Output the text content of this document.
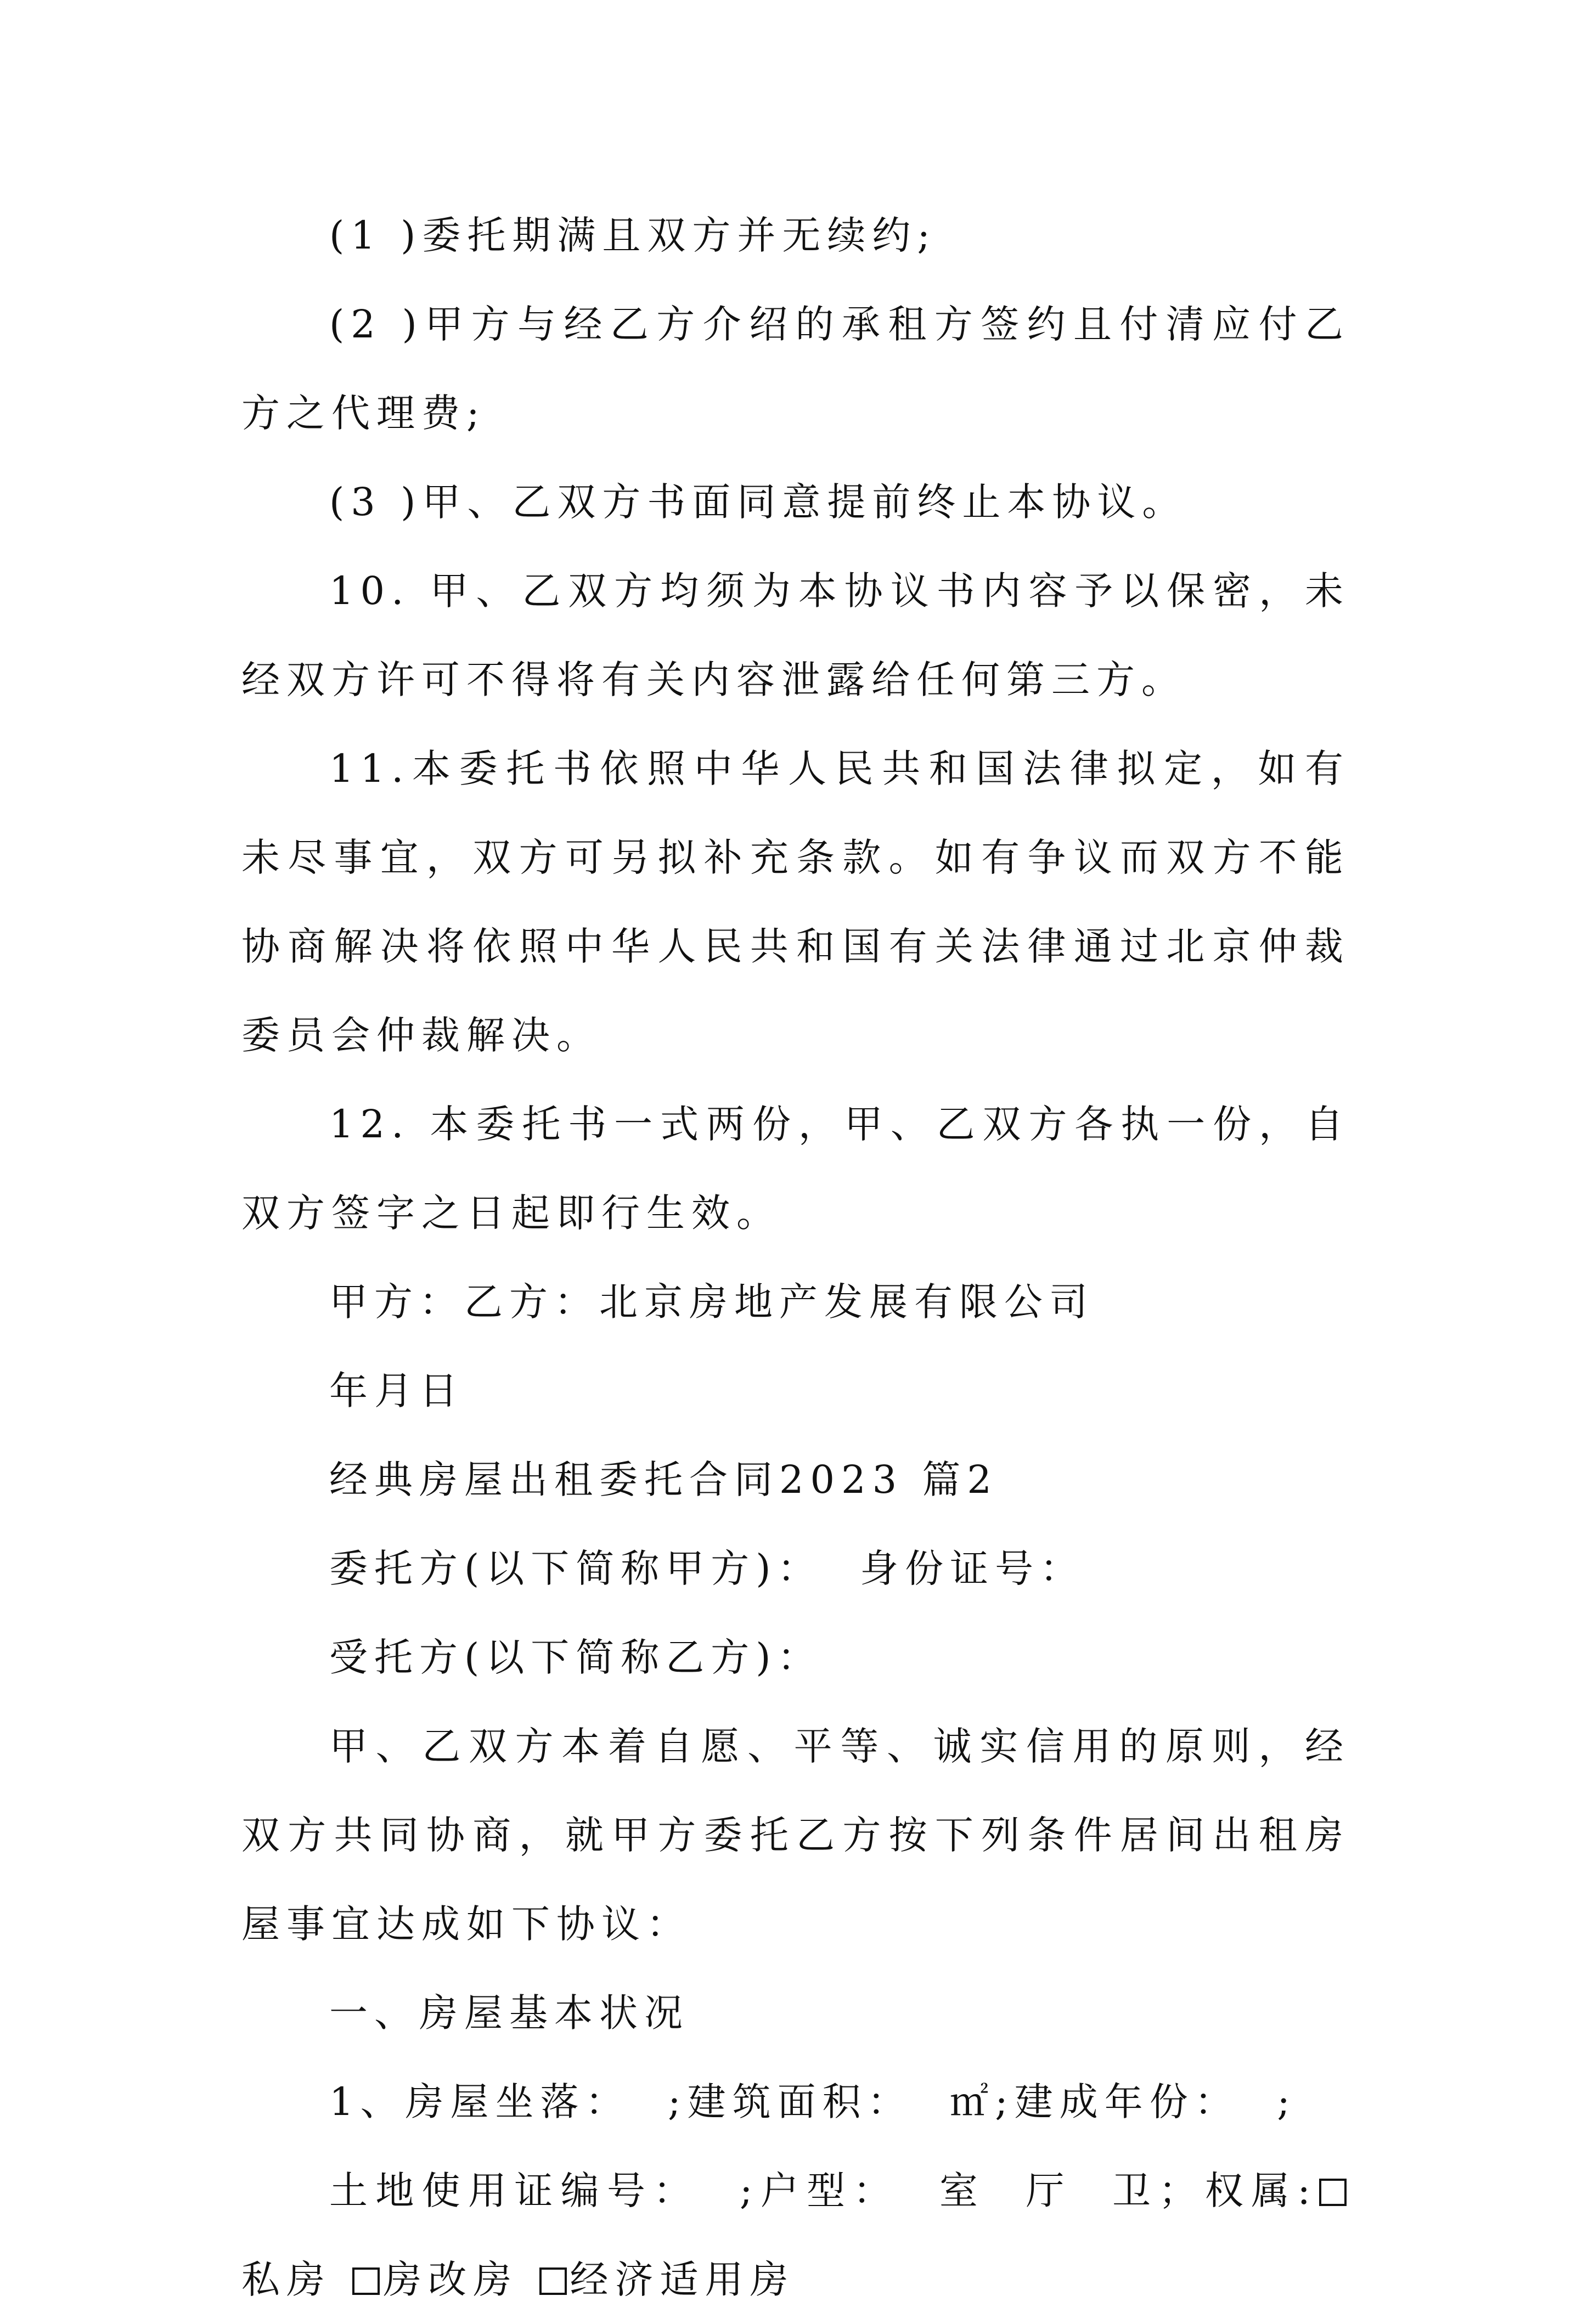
(1 )委托期满且双方并无续约;

(2 )甲方与经乙方介绍的承租方签约且付清应付乙方之代理费;

(3 )甲、乙双方书面同意提前终止本协议。

10. 甲、乙双方均须为本协议书内容予以保密，未经双方许可不得将有关内容泄露给任何第三方。

11.本委托书依照中华人民共和国法律拟定，如有未尽事宜，双方可另拟补充条款。如有争议而双方不能协商解决将依照中华人民共和国有关法律通过北京仲裁委员会仲裁解决。

12. 本委托书一式两份，甲、乙双方各执一份，自双方签字之日起即行生效。

甲方：乙方：北京房地产发展有限公司

年月日

经典房屋出租委托合同2023 篇2

委托方(以下简称甲方)：  身份证号：

受托方(以下简称乙方)：

甲、乙双方本着自愿、平等、诚实信用的原则，经双方共同协商，就甲方委托乙方按下列条件居间出租房屋事宜达成如下协议：

一、房屋基本状况

1、房屋坐落：  ;建筑面积：  ㎡;建成年份：  ;

土地使用证编号：  ;户型：  室  厅  卫；权属:私房 房改房 经济适用房
